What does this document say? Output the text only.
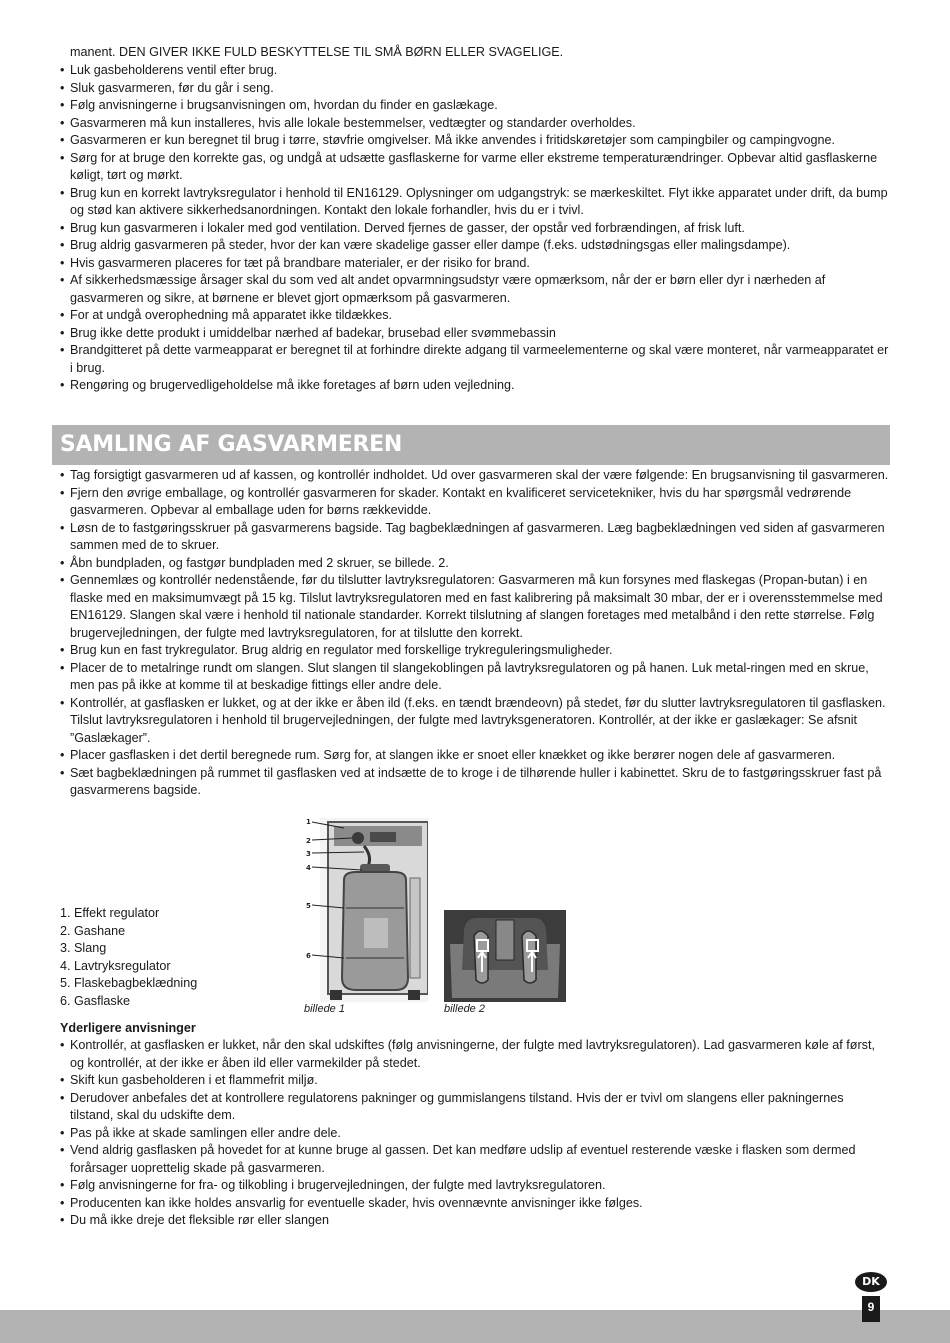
manent. DEN GIVER IKKE FULD BESKYTTELSE TIL SMÅ BØRN ELLER SVAGELIGE.
• Luk gasbeholderens ventil efter brug.
• Sluk gasvarmeren, før du går i seng.
• Følg anvisningerne i brugsanvisningen om, hvordan du finder en gaslækage.
• Gasvarmeren må kun installeres, hvis alle lokale bestemmelser, vedtægter og standarder overholdes.
• Gasvarmeren er kun beregnet til brug i tørre, støvfrie omgivelser. Må ikke anvendes i fritidskøretøjer som campingbiler og campingvogne.
• Sørg for at bruge den korrekte gas, og undgå at udsætte gasflaskerne for varme eller ekstreme temperaturændringer. Opbevar altid gasflaskerne køligt, tørt og mørkt.
• Brug kun en korrekt lavtryksregulator i henhold til EN16129. Oplysninger om udgangstryk: se mærkeskiltet. Flyt ikke apparatet under drift, da bump og stød kan aktivere sikkerhedsanordningen. Kontakt den lokale forhandler, hvis du er i tvivl.
• Brug kun gasvarmeren i lokaler med god ventilation. Derved fjernes de gasser, der opstår ved forbrændingen, af frisk luft.
• Brug aldrig gasvarmeren på steder, hvor der kan være skadelige gasser eller dampe (f.eks. udstødningsgas eller malingsdampe).
• Hvis gasvarmeren placeres for tæt på brandbare materialer, er der risiko for brand.
• Af sikkerhedsmæssige årsager skal du som ved alt andet opvarmningsudstyr være opmærksom, når der er børn eller dyr i nærheden af gasvarmeren og sikre, at børnene er blevet gjort opmærksom på gasvarmeren.
• For at undgå overophedning må apparatet ikke tildækkes.
• Brug ikke dette produkt i umiddelbar nærhed af badekar, brusebad eller svømmebassin
• Brandgitteret på dette varmeapparat er beregnet til at forhindre direkte adgang til varmeelementerne og skal være monteret, når varmeapparatet er i brug.
• Rengøring og brugervedligeholdelse må ikke foretages af børn uden vejledning.
SAMLING AF GASVARMEREN
• Tag forsigtigt gasvarmeren ud af kassen, og kontrollér indholdet. Ud over gasvarmeren skal der være følgende: En brugsanvisning til gasvarmeren.
• Fjern den øvrige emballage, og kontrollér gasvarmeren for skader. Kontakt en kvalificeret servicetekniker, hvis du har spørgsmål vedrørende gasvarmeren. Opbevar al emballage uden for børns rækkevidde.
• Løsn de to fastgøringsskruer på gasvarmerens bagside. Tag bagbeklædningen af gasvarmeren. Læg bagbeklædningen ved siden af gasvarmeren sammen med de to skruer.
• Åbn bundpladen, og fastgør bundpladen med 2 skruer, se billede. 2.
• Gennemlæs og kontrollér nedenstående, før du tilslutter lavtryksregulatoren: Gasvarmeren må kun forsynes med flaskegas (Propan-butan) i en flaske med en maksimumvægt på 15 kg. Tilslut lavtryksregulatoren med en fast kalibrering på maksimalt 30 mbar, der er i overensstemmelse med EN16129. Slangen skal være i henhold til nationale standarder. Korrekt tilslutning af slangen foretages med metalbånd i den rette størrelse. Følg brugervejledningen, der fulgte med lavtryksregulatoren, for at tilslutte den korrekt.
• Brug kun en fast trykregulator. Brug aldrig en regulator med forskellige trykreguleringsmuligheder.
• Placer de to metalringe rundt om slangen. Slut slangen til slangekoblingen på lavtryksregulatoren og på hanen. Luk metal-ringen med en skrue, men pas på ikke at komme til at beskadige fittings eller andre dele.
• Kontrollér, at gasflasken er lukket, og at der ikke er åben ild (f.eks. en tændt brændeovn) på stedet, før du slutter lavtryksregulatoren til gasflasken. Tilslut lavtryksregulatoren i henhold til brugervejledningen, der fulgte med lavtryksgeneratoren. Kontrollér, at der ikke er gaslækager: Se afsnit ”Gaslækager”.
• Placer gasflasken i det dertil beregnede rum. Sørg for, at slangen ikke er snoet eller knækket og ikke berører nogen dele af gasvarmeren.
• Sæt bagbeklædningen på rummet til gasflasken ved at indsætte de to kroge i de tilhørende huller i kabinettet. Skru de to fastgøringsskruer fast på gasvarmerens bagside.
1. Effekt regulator
2. Gashane
3. Slang
4. Lavtryksregulator
5. Flaskebagbeklædning
6. Gasflaske
1
2
3
4
5
6
billede 1	billede 2
Yderligere anvisninger
• Kontrollér, at gasflasken er lukket, når den skal udskiftes (følg anvisningerne, der fulgte med lavtryksregulatoren). Lad gasvarmeren køle af først, og kontrollér, at der ikke er åben ild eller varmekilder på stedet.
• Skift kun gasbeholderen i et flammefrit miljø.
• Derudover anbefales det at kontrollere regulatorens pakninger og gummislangens tilstand. Hvis der er tvivl om slangens eller pakningernes tilstand, skal du udskifte dem.
• Pas på ikke at skade samlingen eller andre dele.
• Vend aldrig gasflasken på hovedet for at kunne bruge al gassen. Det kan medføre udslip af eventuel resterende væske i flasken som dermed forårsager uoprettelig skade på gasvarmeren.
• Følg anvisningerne for fra- og tilkobling i brugervejledningen, der fulgte med lavtryksregulatoren.
• Producenten kan ikke holdes ansvarlig for eventuelle skader, hvis ovennævnte anvisninger ikke følges.
• Du må ikke dreje det fleksible rør eller slangen
DK
9
